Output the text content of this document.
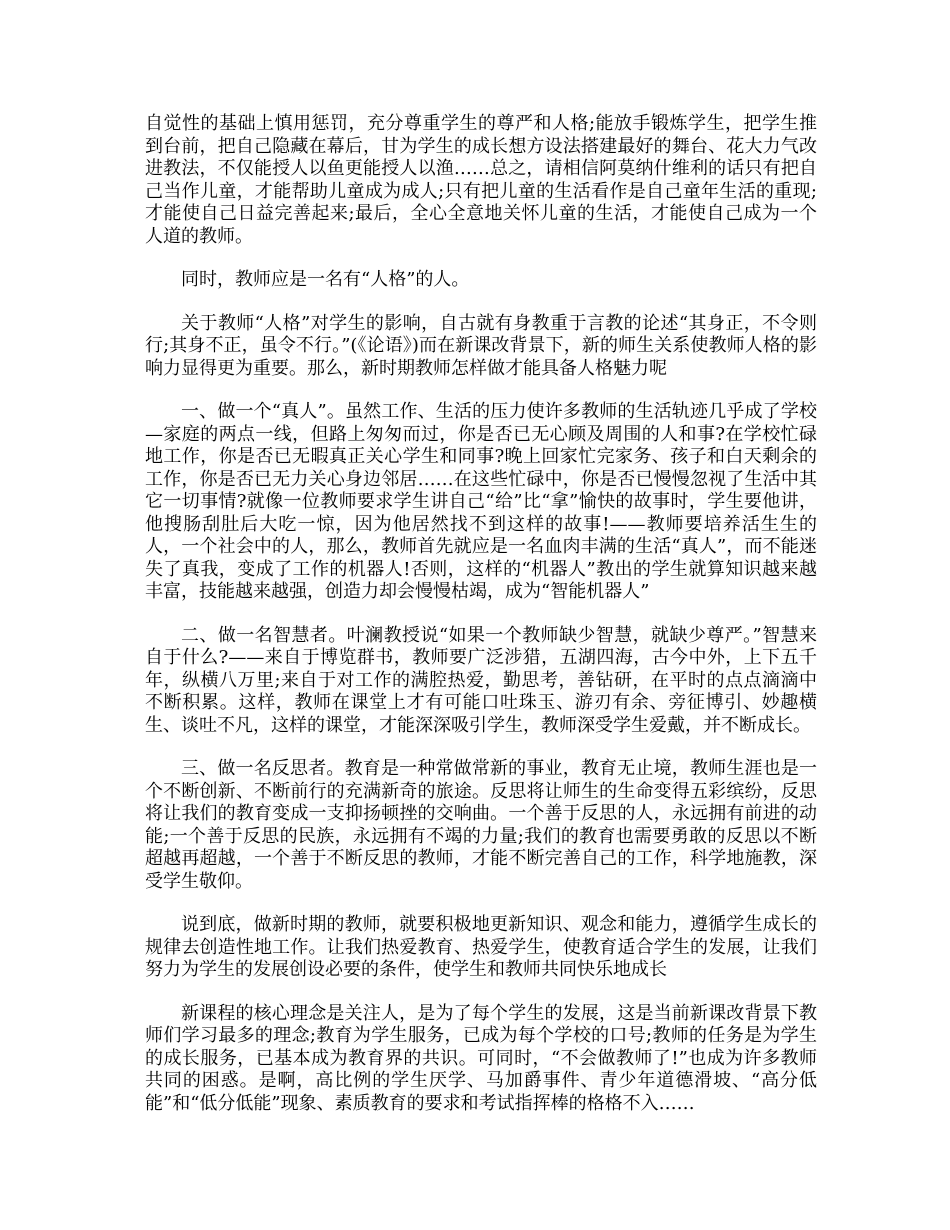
自觉性的基础上慎用惩罚，充分尊重学生的尊严和人格;能放手锻炼学生，把学生推到台前，把自己隐藏在幕后，甘为学生的成长想方设法搭建最好的舞台、花大力气改进教法，不仅能授人以鱼更能授人以渔……总之，请相信阿莫纳什维利的话只有把自己当作儿童，才能帮助儿童成为成人;只有把儿童的生活看作是自己童年生活的重现;才能使自己日益完善起来;最后，全心全意地关怀儿童的生活，才能使自己成为一个人道的教师。

同时，教师应是一名有“人格”的人。

关于教师“人格”对学生的影响，自古就有身教重于言教的论述“其身正，不令则行;其身不正，虽令不行。”(《论语》)而在新课改背景下，新的师生关系使教师人格的影响力显得更为重要。那么，新时期教师怎样做才能具备人格魅力呢

一、做一个“真人”。虽然工作、生活的压力使许多教师的生活轨迹几乎成了学校—家庭的两点一线，但路上匆匆而过，你是否已无心顾及周围的人和事?在学校忙碌地工作，你是否已无暇真正关心学生和同事?晚上回家忙完家务、孩子和白天剩余的工作，你是否已无力关心身边邻居……在这些忙碌中，你是否已慢慢忽视了生活中其它一切事情?就像一位教师要求学生讲自己“给”比“拿”愉快的故事时，学生要他讲，他搜肠刮肚后大吃一惊，因为他居然找不到这样的故事!——教师要培养活生生的人，一个社会中的人，那么，教师首先就应是一名血肉丰满的生活“真人”，而不能迷失了真我，变成了工作的机器人!否则，这样的“机器人”教出的学生就算知识越来越丰富，技能越来越强，创造力却会慢慢枯竭，成为“智能机器人”

二、做一名智慧者。叶澜教授说“如果一个教师缺少智慧，就缺少尊严。”智慧来自于什么?——来自于博览群书，教师要广泛涉猎，五湖四海，古今中外，上下五千年，纵横八万里;来自于对工作的满腔热爱，勤思考，善钻研，在平时的点点滴滴中不断积累。这样，教师在课堂上才有可能口吐珠玉、游刃有余、旁征博引、妙趣横生、谈吐不凡，这样的课堂，才能深深吸引学生，教师深受学生爱戴，并不断成长。

三、做一名反思者。教育是一种常做常新的事业，教育无止境，教师生涯也是一个不断创新、不断前行的充满新奇的旅途。反思将让师生的生命变得五彩缤纷，反思将让我们的教育变成一支抑扬顿挫的交响曲。一个善于反思的人，永远拥有前进的动能;一个善于反思的民族，永远拥有不竭的力量;我们的教育也需要勇敢的反思以不断超越再超越，一个善于不断反思的教师，才能不断完善自己的工作，科学地施教，深受学生敬仰。

说到底，做新时期的教师，就要积极地更新知识、观念和能力，遵循学生成长的规律去创造性地工作。让我们热爱教育、热爱学生，使教育适合学生的发展，让我们努力为学生的发展创设必要的条件，使学生和教师共同快乐地成长

新课程的核心理念是关注人，是为了每个学生的发展，这是当前新课改背景下教师们学习最多的理念;教育为学生服务，已成为每个学校的口号;教师的任务是为学生的成长服务，已基本成为教育界的共识。可同时，“不会做教师了!”也成为许多教师共同的困惑。是啊，高比例的学生厌学、马加爵事件、青少年道德滑坡、“高分低能”和“低分低能”现象、素质教育的要求和考试指挥棒的格格不入……
